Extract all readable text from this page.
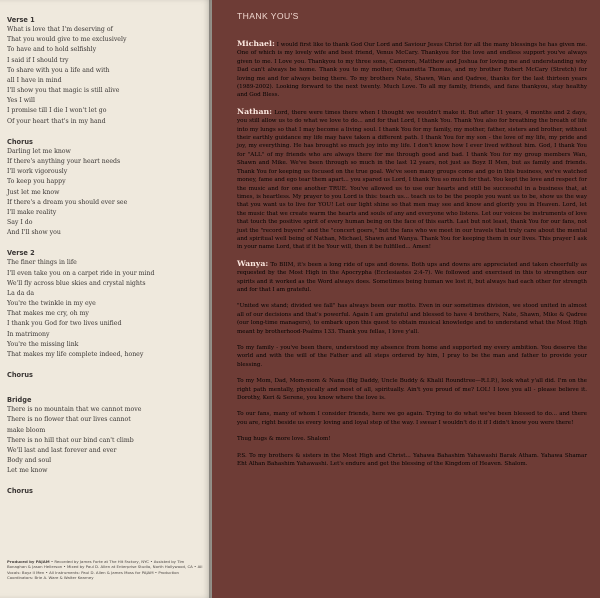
Verse 1
What is love that I'm deserving of
That you would give to me exclusively
To have and to hold selfishly
I said if I should try
To share with you a life and with
all I have in mind
I'll show you that magic is still alive
Yes I will
I promise till I die I won't let go
Of your heart that's in my hand
Chorus
Darling let me know
If there's anything your heart needs
I'll work vigorously
To keep you happy
Just let me know
If there's a dream you should ever see
I'll make reality
Say I do
And I'll show you
Verse 2
The finer things in life
I'll even take you on a carpet ride in your mind
We'll fly across blue skies and crystal nights
La da da
You're the twinkle in my eye
That makes me cry, oh my
I thank you God for two lives unified
In matrimony
You're the missing link
That makes my life complete indeed, honey
Chorus
Bridge
There is no mountain that we cannot move
There is no flower that our lives cannot
make bloom
There is no hill that our bind can't climb
We'll last and last forever and ever
Body and soul
Let me know
Chorus
Produced by PAJAM • Recorded by James Forte at The Hit Factory, NYC • Assisted by Tim Bonaghan & Jason Hellerson • Mixed by Paul D. Allen at Enterprise Studio, North Hollywood, CA • All Vocals: Boyz II Men • All Instruments: Paul D. Allen & James Moss for PAJAM • Production Coordinators: Brie A. Ware & Walter Kearney
THANK YOU'S

Michael: I would first like to thank God Our Lord and Saviour Jesus Christ for all the many blessings he has given me. One of which is my lovely wife and best friend, Venus McCary. Thankyou for the love and endless support you've always given to me. I Love you. Thankyou to my three sons, Cameron, Matthew and Joshua for loving me and understanding why Dad can't always be home. Thank you to my mother, Omametta Thomas, and my brother Robert McCary (Stretch) for loving me and for always being there. To my brothers Nate, Shawn, Wan and Qadree, thanks for the last thirteen years (1989-2002). Looking forward to the next twenty. Much Love. To all my family, friends, and fans thankyou, stay healthy and God Bless.

Nathan: Lord, there were times there when I thought we wouldn't make it. But after 11 years, 4 months and 2 days, you still allow us to do what we love to do... and for that Lord, I thank You. Thank You also for breathing the breath of life into my lungs so that I may become a living soul. I thank You for my family, my mother, father, sisters and brother, without their earthly guidance my life may have taken a different path. I thank You for my son - the love of my life, my pride and joy, my everything. He has brought so much joy into my life. I don't know how I ever lived without him. God, I thank You for "ALL" of my friends who are always there for me through good and bad. I thank You for my group members Wan, Shawn and Mike. We've been through so much in the last 12 years, not just as Boyz II Men, but as family and friends. Thank You for keeping us focused on the true goal. We've seen many groups come and go in this business, we've watched money, fame and ego tear them apart... you spared us Lord, I thank You so much for that. You kept the love and respect for the music and for one another TRUE. You've allowed us to use our hearts and still be successful in a business that, at times, is heartless. My prayer to you Lord is this: teach us... teach us to be the people you want us to be, show us the way that you want us to live for YOU! Let our light shine so that men may see and know and glorify you in Heaven. Lord, let the music that we create warm the hearts and souls of any and everyone who listens. Let our voices be instruments of love that touch the positive spirit of every human being on the face of this earth. Last but not least, thank You for our fans, not just the "record buyers" and the "concert goers," but the fans who we meet in our travels that truly care about the mental and spiritual well being of Nathan, Michael, Shawn and Wanya. Thank You for keeping them in our lives. This prayer I ask in your name Lord, that if it be Your will, then it be fulfilled... Amen!

Wanya: To BIIM, it's been a long ride of ups and downs. Both ups and downs are appreciated and taken cheerfully as requested by the Most High in the Apocrypha (Ecclesiastes 2:4-7). We followed and exercised in this to strengthen our spirits and it worked as the Word always does. Sometimes being human we lost it, but always had each other for strength and for that I am grateful.

"United we stand; divided we fall" has always been our motto. Even in our sometimes division, we stood united in almost all of our decisions and that's powerful. Again I am grateful and blessed to have 4 brothers, Nate, Shawn, Mike & Qadree (our long-time managers), to embark upon this quest to obtain musical knowledge and to understand what the Most High meant by brotherhood-Psalms 133. Thank you fellas, I love y'all.

To my family - you've been there, understood my absence from home and supported my every ambition. You deserve the world and with the will of the Father and all steps ordered by him, I pray to be the man and father to provide your blessing.

To my Mom, Dad, Mom-mom & Nana (Big Daddy, Uncle Buddy & Khalil Roundtree—R.I.P.), look what y'all did. I'm on the right path mentally, physically and most of all, spiritually. Ain't you proud of me? LOL! I love you all - please believe it. Dorothy, Keri & Serene, you know where the love is.

To our fans, many of whom I consider friends, here we go again. Trying to do what we've been blessed to do... and there you are, right beside us every loving and loyal step of the way. I swear I wouldn't do it if I didn't know you were there!

Thug hugs & more love. Shalom!

P.S. To my brothers & sisters in the Most High and Christ... Yahawa Bahashim Yahawashi Barak Atham. Yahawa Shamar Eht Alhan Bahashim Yahawashi. Let's endure and get the blessing of the Kingdom of Heaven. Shalom.
